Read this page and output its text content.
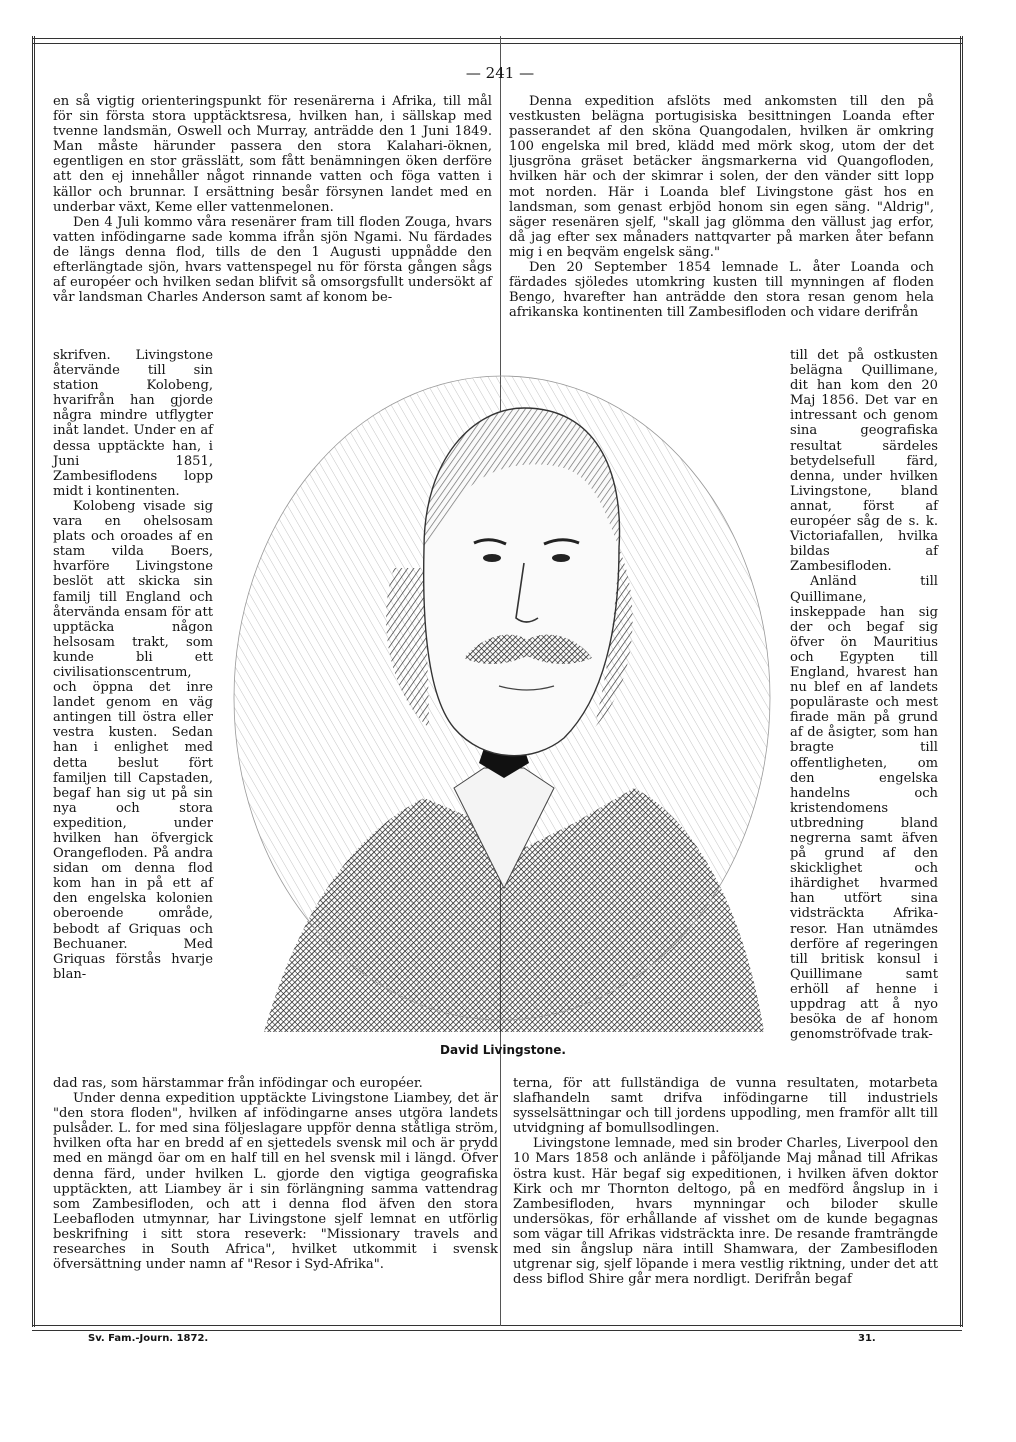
— 241 —

en så vigtig orienteringspunkt för resenärerna i Afrika, till mål för sin första stora upptäcktsresa, hvilken han, i sällskap med tvenne landsmän, Oswell och Murray, anträdde den 1 Juni 1849. Man måste härunder passera den stora Kalahari-öknen, egentligen en stor grässlätt, som fått benämningen öken derföre att den ej innehåller något rinnande vatten och föga vatten i källor och brunnar. I ersättning besår försynen landet med en underbar växt, Keme eller vattenmelonen.

Den 4 Juli kommo våra resenärer fram till floden Zouga, hvars vatten infödingarne sade komma ifrån sjön Ngami. Nu färdades de längs denna flod, tills de den 1 Augusti uppnådde den efterlängtade sjön, hvars vattenspegel nu för första gången sågs af européer och hvilken sedan blifvit så omsorgsfullt undersökt af vår landsman Charles Anderson samt af konom be-

Denna expedition afslöts med ankomsten till den på vestkusten belägna portugisiska besittningen Loanda efter passerandet af den sköna Quangodalen, hvilken är omkring 100 engelska mil bred, klädd med mörk skog, utom der det ljusgröna gräset betäcker ängsmarkerna vid Quangofloden, hvilken här och der skimrar i solen, der den vänder sitt lopp mot norden. Här i Loanda blef Livingstone gäst hos en landsman, som genast erbjöd honom sin egen säng. "Aldrig", säger resenären sjelf, "skall jag glömma den vällust jag erfor, då jag efter sex månaders nattqvarter på marken åter befann mig i en beqväm engelsk säng."

Den 20 September 1854 lemnade L. åter Loanda och färdades sjöledes utomkring kusten till mynningen af floden Bengo, hvarefter han anträdde den stora resan genom hela afrikanska kontinenten till Zambesifloden och vidare derifrån

skrifven. Livingstone återvände till sin station Kolobeng, hvarifrån han gjorde några mindre utflygter inåt landet. Under en af dessa upptäckte han, i Juni 1851, Zambesiflodens lopp midt i kontinenten.

Kolobeng visade sig vara en ohelsosam plats och oroades af en stam vilda Boers, hvarföre Livingstone beslöt att skicka sin familj till England och återvända ensam för att upptäcka någon helsosam trakt, som kunde bli ett civilisationscentrum, och öppna det inre landet genom en väg antingen till östra eller vestra kusten. Sedan han i enlighet med detta beslut fört familjen till Capstaden, begaf han sig ut på sin nya och stora expedition, under hvilken han öfvergick Orangefloden. På andra sidan om denna flod kom han in på ett af den engelska kolonien oberoende område, bebodt af Griquas och Bechuaner. Med Griquas förstås hvarje blan-

till det på ostkusten belägna Quillimane, dit han kom den 20 Maj 1856. Det var en intressant och genom sina geografiska resultat särdeles betydelsefull färd, denna, under hvilken Livingstone, bland annat, först af européer såg de s. k. Victoriafallen, hvilka bildas af Zambesifloden.

Anländ till Quillimane, inskeppade han sig der och begaf sig öfver ön Mauritius och Egypten till England, hvarest han nu blef en af landets populäraste och mest firade män på grund af de åsigter, som han bragte till offentligheten, om den engelska handelns och kristendomens utbredning bland negrerna samt äfven på grund af den skicklighet och ihärdighet hvarmed han utfört sina vidsträckta Afrika-resor. Han utnämdes derföre af regeringen till britisk konsul i Quillimane samt erhöll af henne i uppdrag att å nyo besöka de af honom genomströfvade trak-

David Livingstone.

dad ras, som härstammar från infödingar och européer.

Under denna expedition upptäckte Livingstone Liambey, det är "den stora floden", hvilken af infödingarne anses utgöra landets pulsåder. L. for med sina följeslagare uppför denna ståtliga ström, hvilken ofta har en bredd af en sjettedels svensk mil och är prydd med en mängd öar om en half till en hel svensk mil i längd. Öfver denna färd, under hvilken L. gjorde den vigtiga geografiska upptäckten, att Liambey är i sin förlängning samma vattendrag som Zambesifloden, och att i denna flod äfven den stora Leebafloden utmynnar, har Livingstone sjelf lemnat en utförlig beskrifning i sitt stora reseverk: "Missionary travels and researches in South Africa", hvilket utkommit i svensk öfversättning under namn af "Resor i Syd-Afrika".

terna, för att fullständiga de vunna resultaten, motarbeta slafhandeln samt drifva infödingarne till industriels sysselsättningar och till jordens uppodling, men framför allt till utvidgning af bomullsodlingen.

Livingstone lemnade, med sin broder Charles, Liverpool den 10 Mars 1858 och anlände i påföljande Maj månad till Afrikas östra kust. Här begaf sig expeditionen, i hvilken äfven doktor Kirk och mr Thornton deltogo, på en medförd ångslup in i Zambesifloden, hvars mynningar och biloder skulle undersökas, för erhållande af visshet om de kunde begagnas som vägar till Afrikas vidsträckta inre. De resande framträngde med sin ångslup nära intill Shamwara, der Zambesifloden utgrenar sig, sjelf löpande i mera vestlig riktning, under det att dess biflod Shire går mera nordligt. Derifrån begaf

Sv. Fam.-Journ. 1872.	31.
